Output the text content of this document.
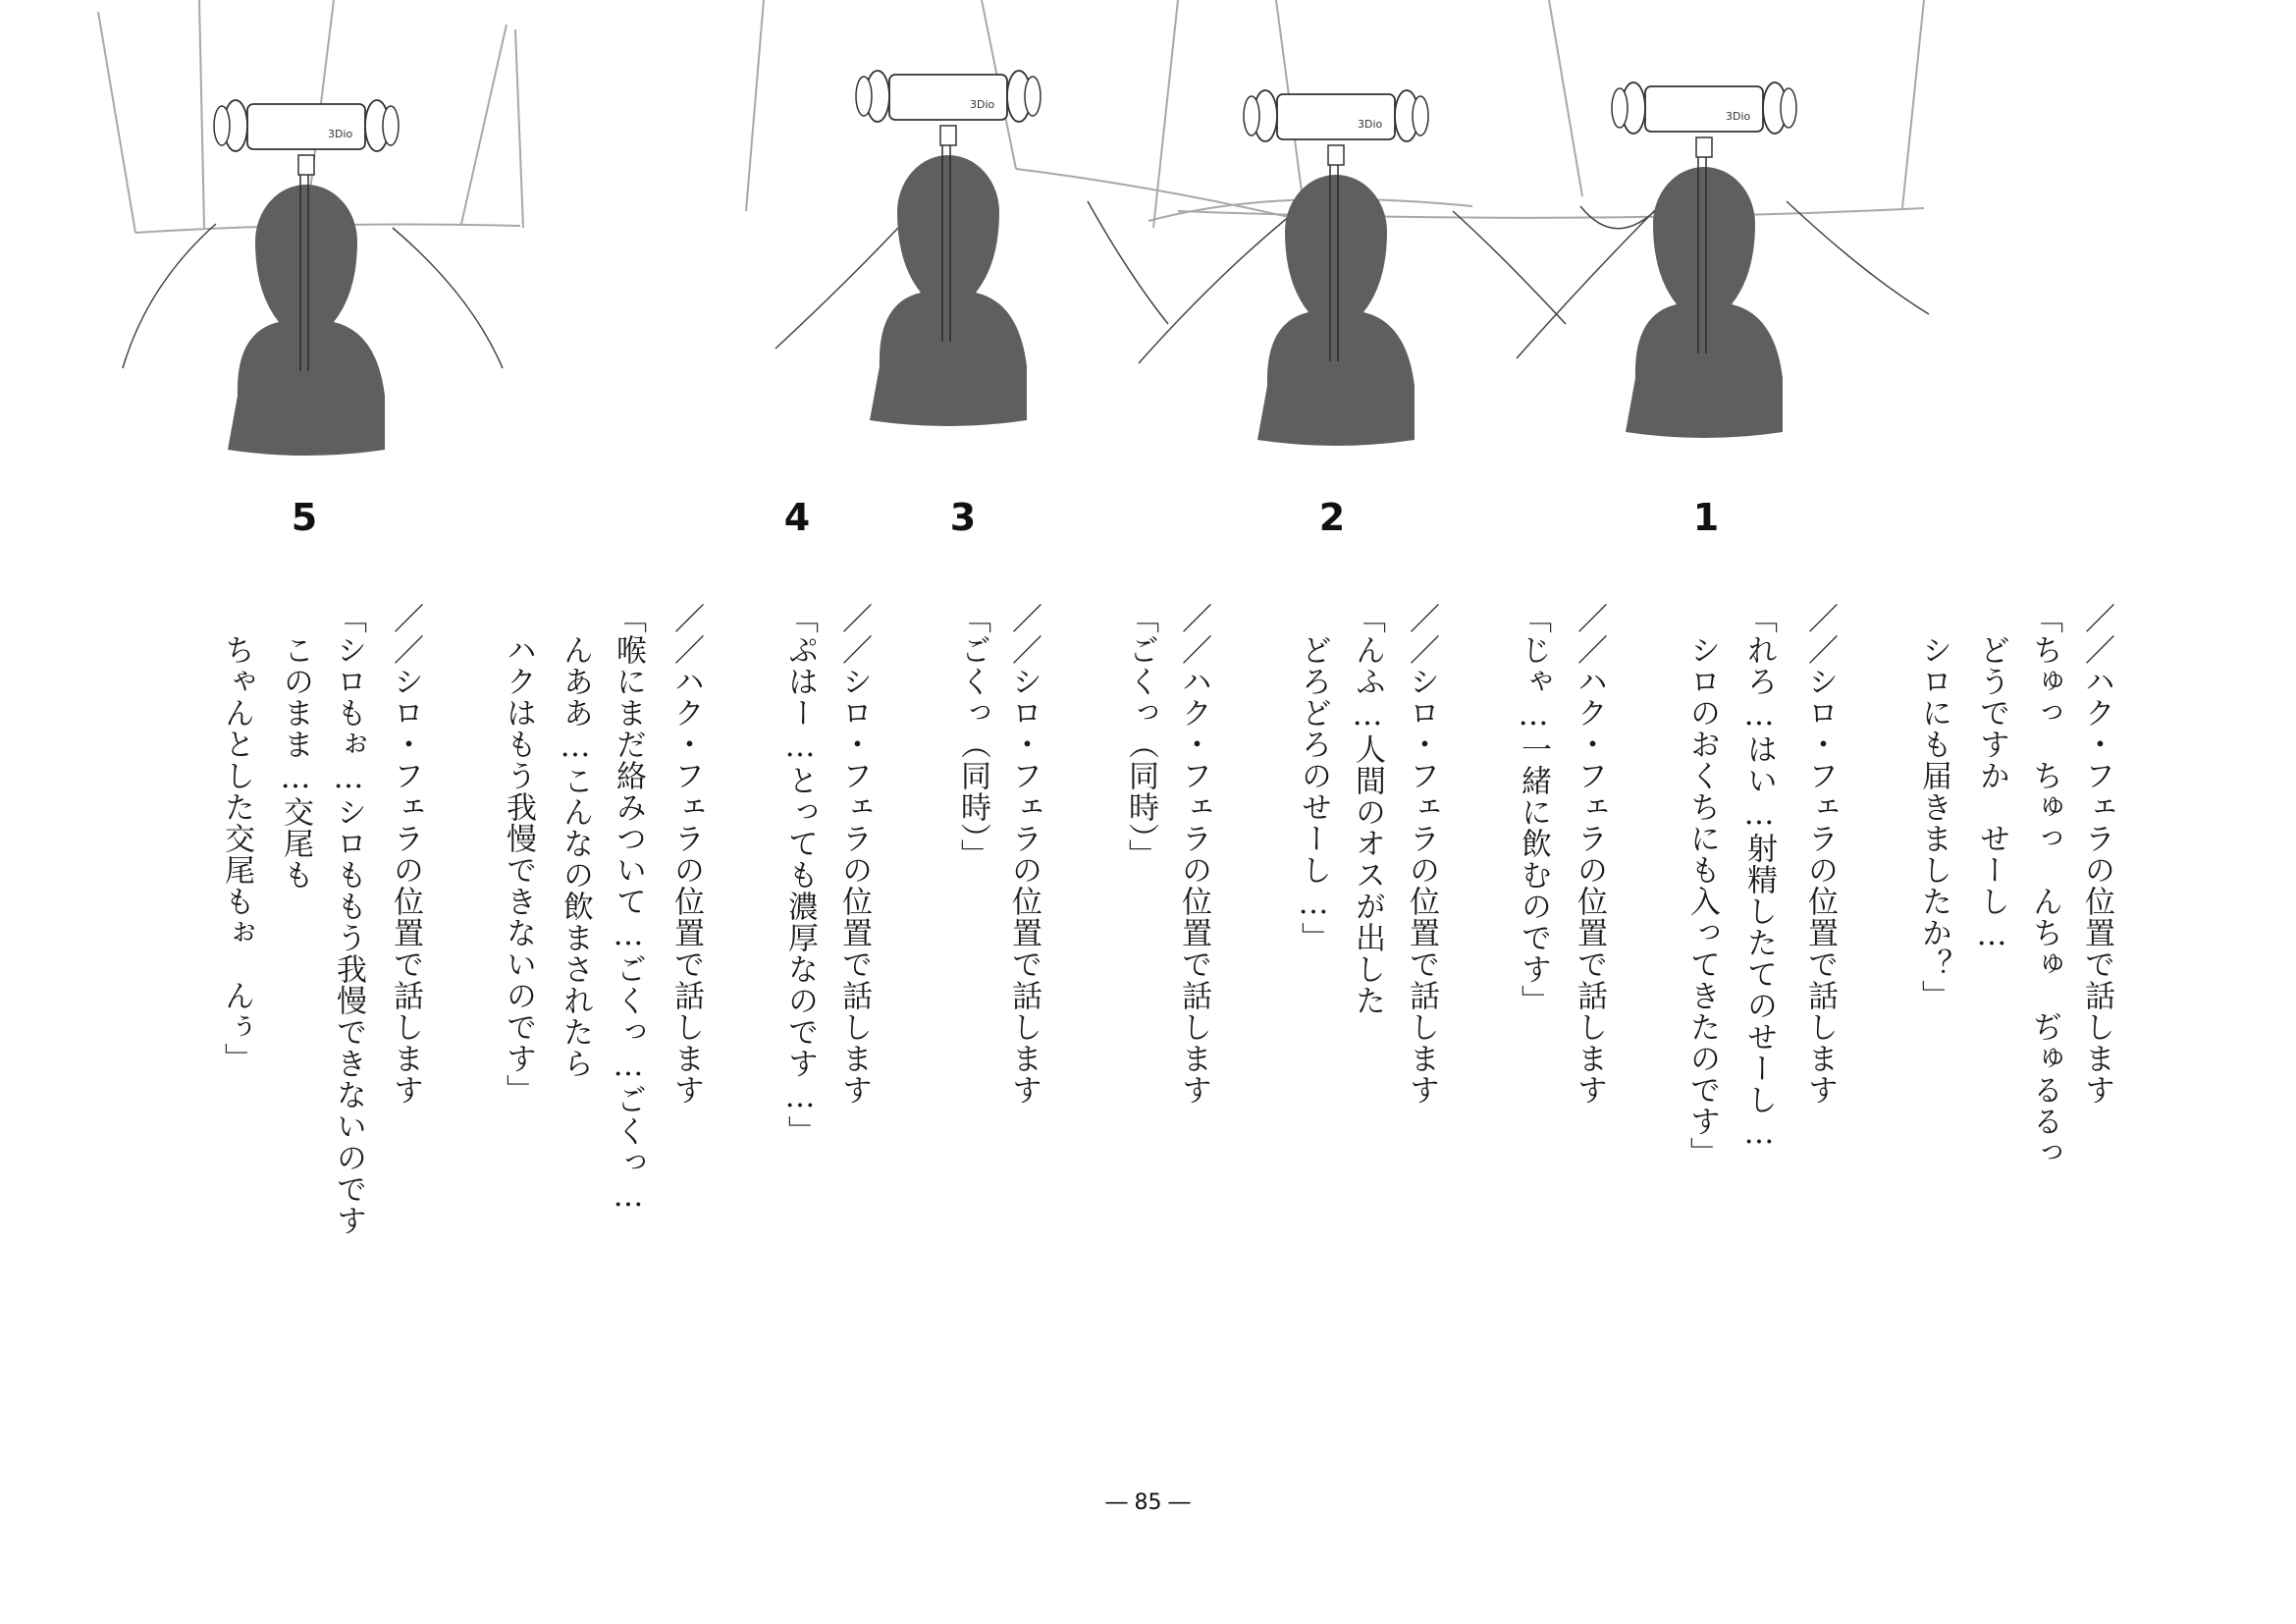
3Dio
3Dio
3Dio
3Dio
5	4	3	2	1
／／ハク・フェラの位置で話します
「ちゅっ　ちゅっ　んちゅ　ぢゅるるっ
　どうですか　せーし…
　シロにも届きましたか？」
／／シロ・フェラの位置で話します
「れろ…はい…射精したてのせーし…
　シロのおくちにも入ってきたのです」
／／ハク・フェラの位置で話します
「じゃ…一緒に飲むのです」
／／シロ・フェラの位置で話します
「んふ…人間のオスが出した
　どろどろのせーし…」
／／ハク・フェラの位置で話します
「ごくっ（同時）」
／／シロ・フェラの位置で話します
「ごくっ（同時）」
／／シロ・フェラの位置で話します
「ぷはー…とっても濃厚なのです…」
／／ハク・フェラの位置で話します
「喉にまだ絡みついて…ごくっ…ごくっ…
　んああ…こんなの飲まされたら
　ハクはもう我慢できないのです」
／／シロ・フェラの位置で話します
「シロもぉ…シロももう我慢できないのです
　このまま…交尾も
　ちゃんとした交尾もぉ　んぅ」
― 85 ―
